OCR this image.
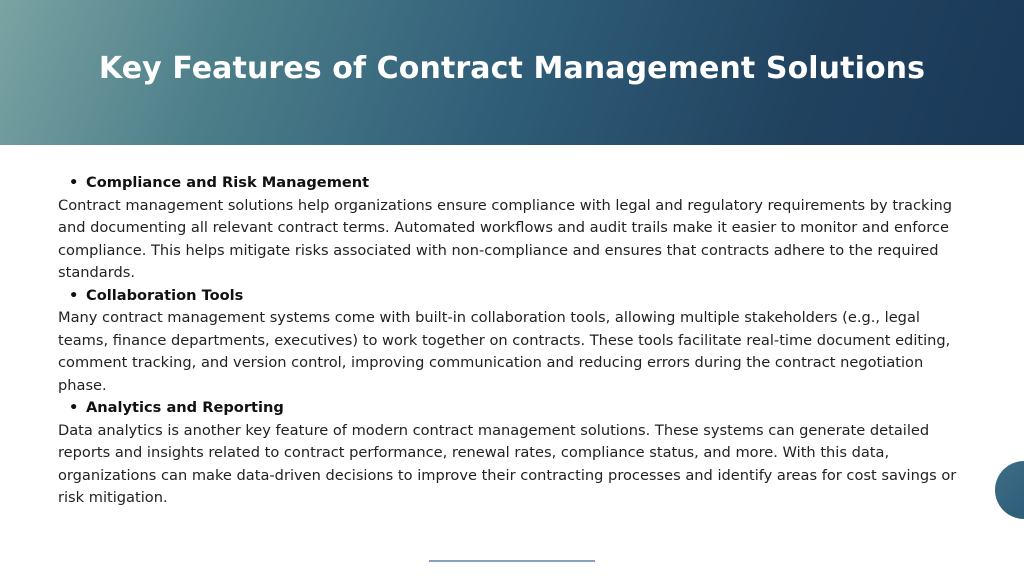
Key Features of Contract Management Solutions
• Compliance and Risk Management

Contract management solutions help organizations ensure compliance with legal and regulatory requirements by tracking and documenting all relevant contract terms. Automated workflows and audit trails make it easier to monitor and enforce compliance. This helps mitigate risks associated with non-compliance and ensures that contracts adhere to the required standards.

• Collaboration Tools

Many contract management systems come with built-in collaboration tools, allowing multiple stakeholders (e.g., legal teams, finance departments, executives) to work together on contracts. These tools facilitate real-time document editing, comment tracking, and version control, improving communication and reducing errors during the contract negotiation phase.

• Analytics and Reporting

Data analytics is another key feature of modern contract management solutions. These systems can generate detailed reports and insights related to contract performance, renewal rates, compliance status, and more. With this data, organizations can make data-driven decisions to improve their contracting processes and identify areas for cost savings or risk mitigation.
